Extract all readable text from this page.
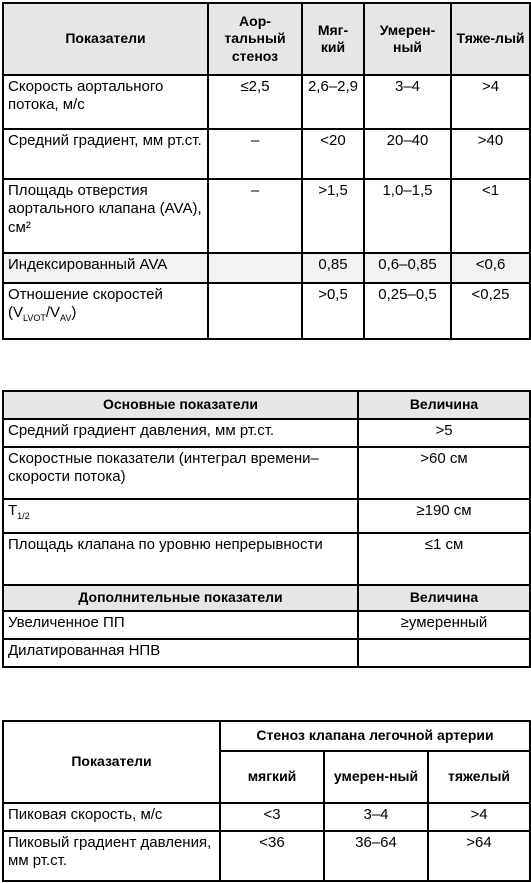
Показатели	Аор-тальный стеноз	Мяг-кий	Умерен-ный	Тяже-лый
Скорость аортального потока, м/с	≤2,5	2,6–2,9	3–4	>4
Средний градиент, мм рт.ст.	–	<20	20–40	>40
Площадь отверстия аортального клапана (AVA), см²	–	>1,5	1,0–1,5	<1
Индексированный AVA		0,85	0,6–0,85	<0,6
Отношение скоростей $(V_{LVOT}/V_{AV})$		>0,5	0,25–0,5	<0,25
Основные показатели	Величина
Средний градиент давления, мм рт.ст.	>5
Скоростные показатели (интеграл времени–скорости потока)	>60 см
$T_{1/2}$	≥190 см
Площадь клапана по уровню непрерывности	≤1 см
Дополнительные показатели	Величина
Увеличенное ПП	≥умеренный
Дилатированная НПВ	
Показатели	Стеноз клапана легочной артерии		
	мягкий	умерен-ный	тяжелый
Пиковая скорость, м/с	<3	3–4	>4
Пиковый градиент давления, мм рт.ст.	<36	36–64	>64
